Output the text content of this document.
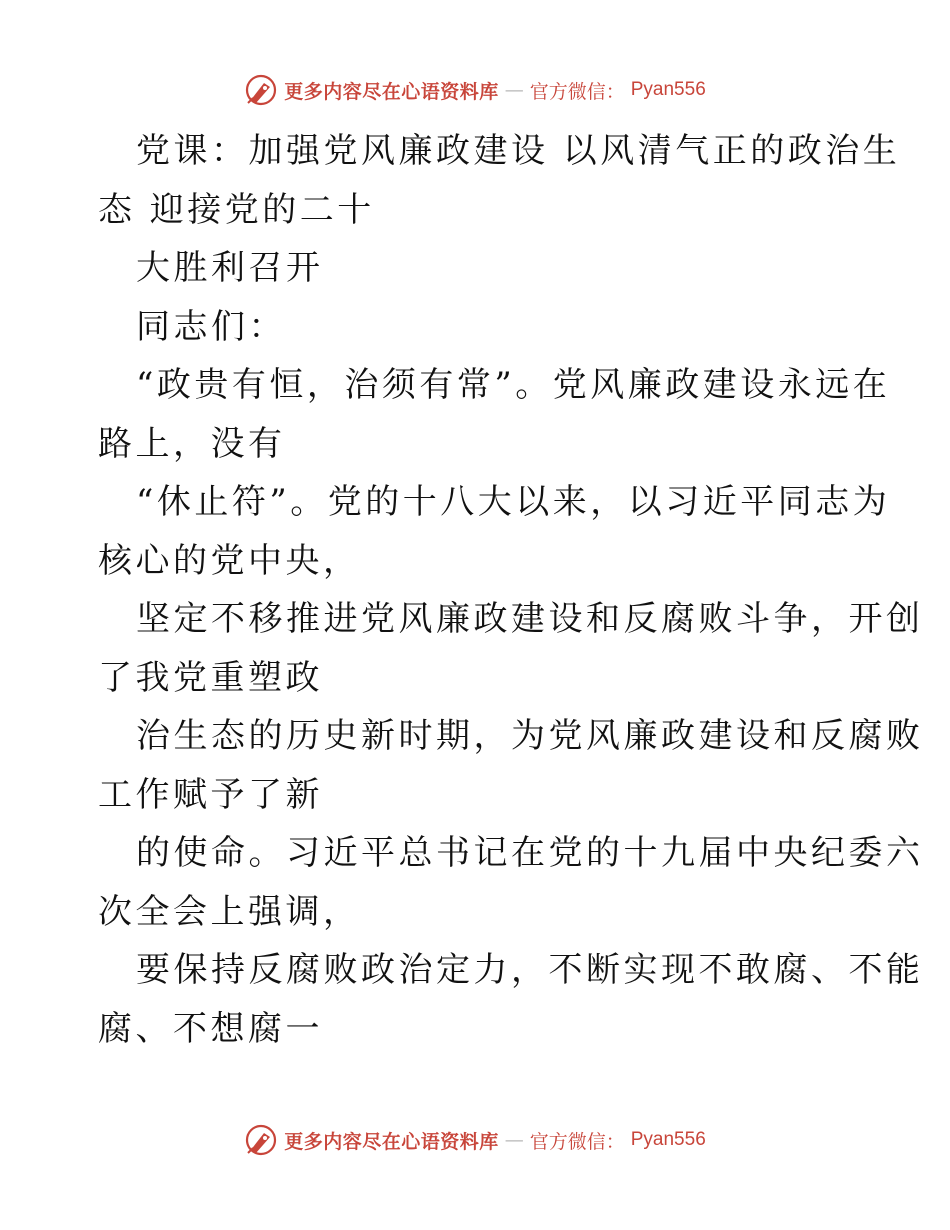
更多内容尽在心语资料库 — 官方微信： Pyan556
党课：加强党风廉政建设 以风清气正的政治生
态 迎接党的二十
大胜利召开
同志们：
“政贵有恒，治须有常”。党风廉政建设永远在
路上，没有
“休止符”。党的十八大以来，以习近平同志为
核心的党中央，
坚定不移推进党风廉政建设和反腐败斗争，开创
了我党重塑政
治生态的历史新时期，为党风廉政建设和反腐败
工作赋予了新
的使命。习近平总书记在党的十九届中央纪委六
次全会上强调，
要保持反腐败政治定力，不断实现不敢腐、不能
腐、不想腐一
更多内容尽在心语资料库 — 官方微信： Pyan556
